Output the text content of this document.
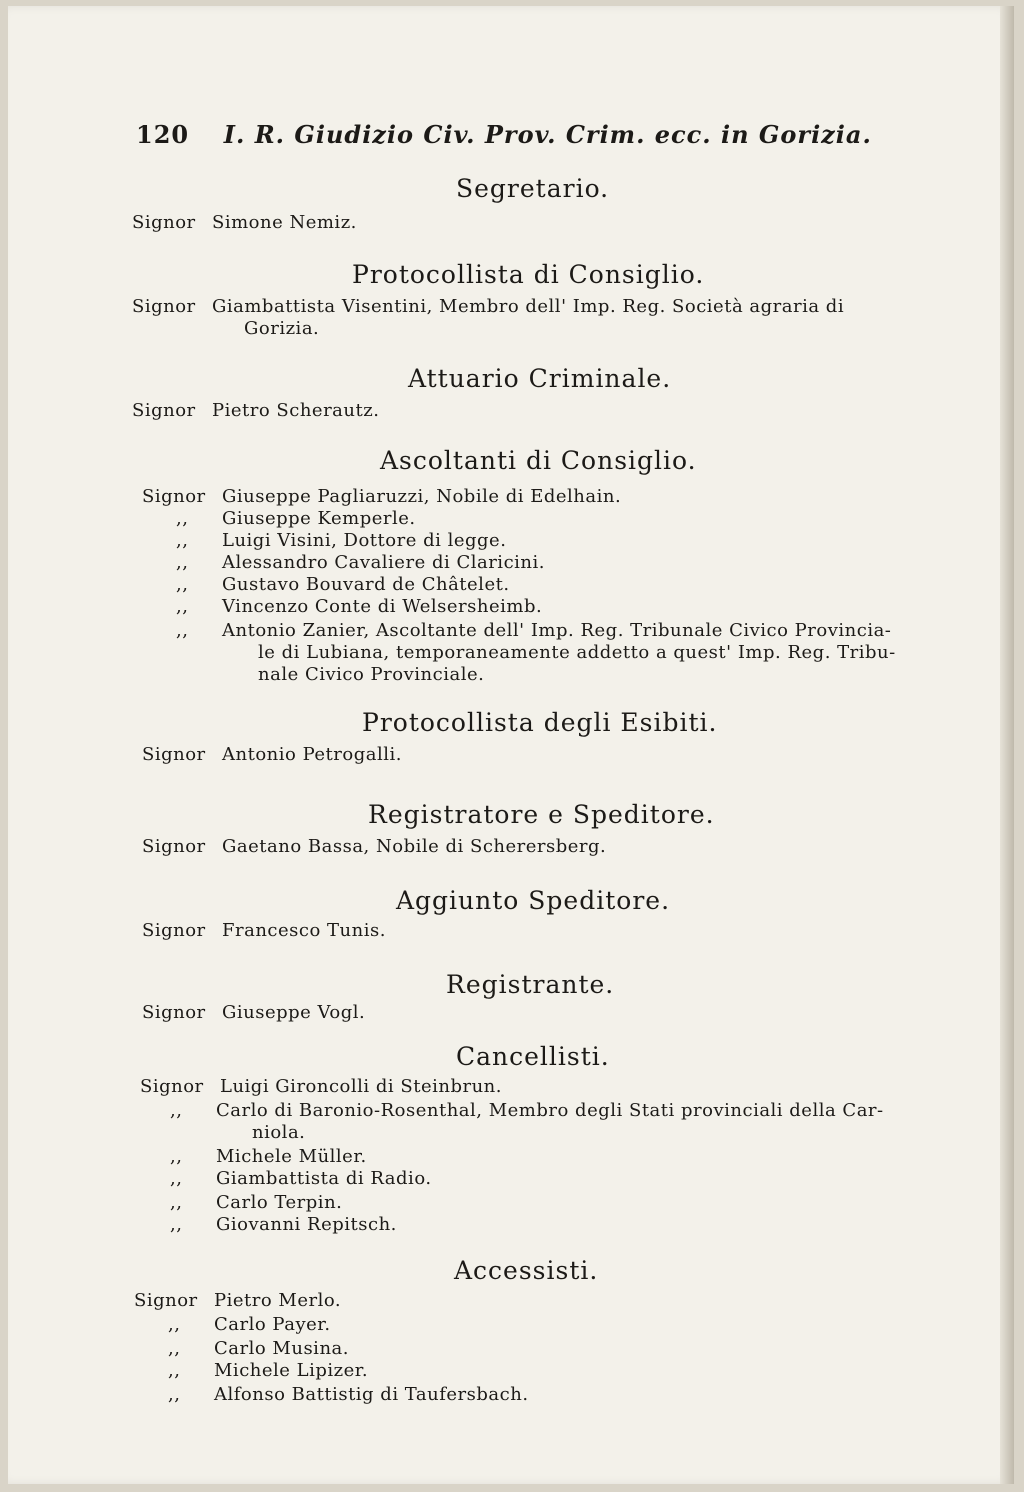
120 I. R. Giudizio Civ. Prov. Crim. ecc. in Gorizia.
Segretario.
Signor Simone Nemiz.
Protocollista di Consiglio.
Signor Giambattista Visentini, Membro dell' Imp. Reg. Società agraria di
Gorizia.
Attuario Criminale.
Signor Pietro Scherautz.
Ascoltanti di Consiglio.
Signor Giuseppe Pagliaruzzi, Nobile di Edelhain.
,, Giuseppe Kemperle.
,, Luigi Visini, Dottore di legge.
,, Alessandro Cavaliere di Claricini.
,, Gustavo Bouvard de Châtelet.
,, Vincenzo Conte di Welsersheimb.
,, Antonio Zanier, Ascoltante dell' Imp. Reg. Tribunale Civico Provincia-
le di Lubiana, temporaneamente addetto a quest' Imp. Reg. Tribu-
nale Civico Provinciale.
Protocollista degli Esibiti.
Signor Antonio Petrogalli.
Registratore e Speditore.
Signor Gaetano Bassa, Nobile di Scherersberg.
Aggiunto Speditore.
Signor Francesco Tunis.
Registrante.
Signor Giuseppe Vogl.
Cancellisti.
Signor Luigi Gironcolli di Steinbrun.
,, Carlo di Baronio-Rosenthal, Membro degli Stati provinciali della Car-
niola.
,, Michele Müller.
,, Giambattista di Radio.
,, Carlo Terpin.
,, Giovanni Repitsch.
Accessisti.
Signor Pietro Merlo.
,, Carlo Payer.
,, Carlo Musina.
,, Michele Lipizer.
,, Alfonso Battistig di Taufersbach.
